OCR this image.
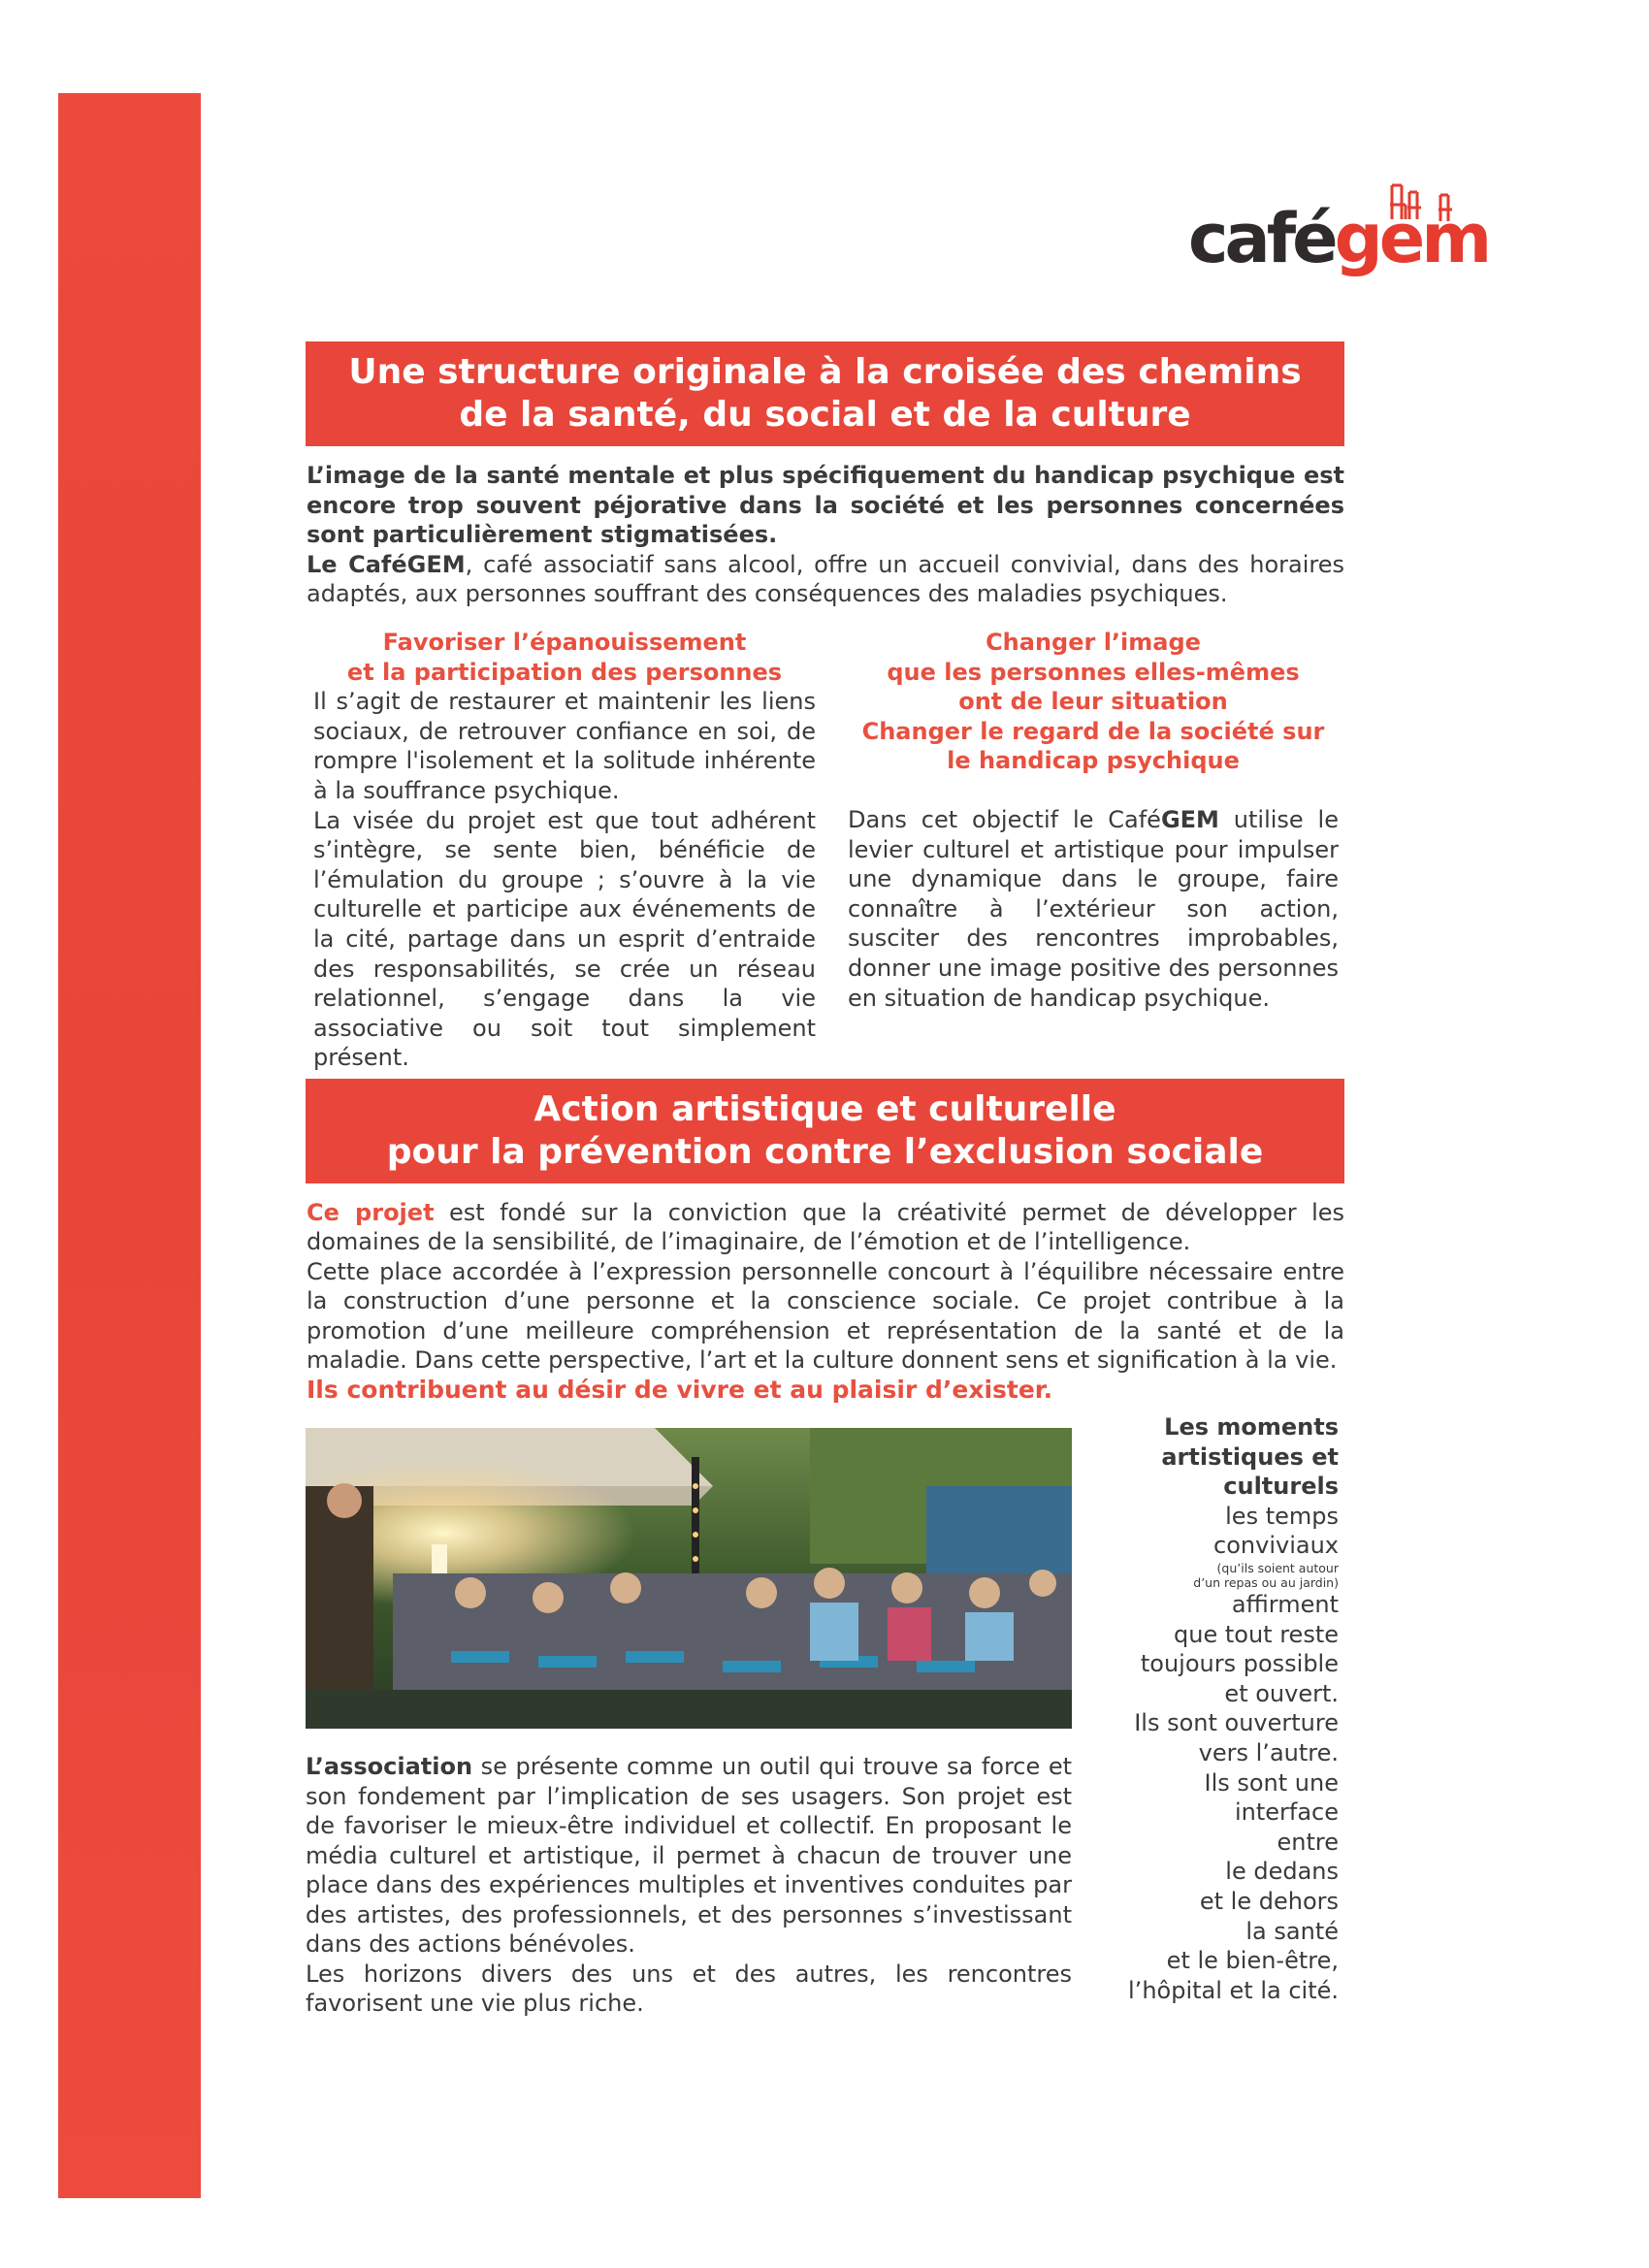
cafégem
Une structure originale à la croisée des chemins
de la santé, du social et de la culture

L’image de la santé mentale et plus spécifiquement du handicap psychique est encore trop souvent péjorative dans la société et les personnes concernées sont particulièrement stigmatisées.

Le CaféGEM, café associatif sans alcool, offre un accueil convivial, dans des horaires adaptés, aux personnes souffrant des conséquences des maladies psychiques.

Favoriser l’épanouissement
et la participation des personnes
Il s’agit de restaurer et maintenir les liens sociaux, de retrouver confiance en soi, de rompre l'isolement et la solitude inhérente à la souffrance psychique.
La visée du projet est que tout adhérent s’intègre, se sente bien, bénéficie de l’émulation du groupe ; s’ouvre à la vie culturelle et participe aux événements de la cité, partage dans un esprit d’entraide des responsabilités, se crée un réseau relationnel, s’engage dans la vie associative ou soit tout simplement présent.
Changer l’image
que les personnes elles-mêmes
ont de leur situation
Changer le regard de la société sur
le handicap psychique
Dans cet objectif le CaféGEM utilise le levier culturel et artistique pour impulser une dynamique dans le groupe, faire connaître à l’extérieur son action, susciter des rencontres improbables, donner une image positive des personnes en situation de handicap psychique.
Action artistique et culturelle
pour la prévention contre l’exclusion sociale
Ce projet est fondé sur la conviction que la créativité permet de développer les domaines de la sensibilité, de l’imaginaire, de l’émotion et de l’intelligence.
Cette place accordée à l’expression personnelle concourt à l’équilibre nécessaire entre la construction d’une personne et la conscience sociale. Ce projet contribue à la promotion d’une meilleure compréhension et représentation de la santé et de la maladie. Dans cette perspective, l’art et la culture donnent sens et signification à la vie.
Ils contribuent au désir de vivre et au plaisir d’exister.
L’association se présente comme un outil qui trouve sa force et son fondement par l’implication de ses usagers. Son projet est de favoriser le mieux-être individuel et collectif. En proposant le média culturel et artistique, il permet à chacun de trouver une place dans des expériences multiples et inventives conduites par des artistes, des professionnels, et des personnes s’investissant dans des actions bénévoles.
Les horizons divers des uns et des autres, les rencontres favorisent une vie plus riche.
Les moments
artistiques et
culturels
les temps
conviviaux
(qu’ils soient autour
d’un repas ou au jardin)
affirment
que tout reste
toujours possible
et ouvert.
Ils sont ouverture
vers l’autre.
Ils sont une
interface
entre
le dedans
et le dehors
la santé
et le bien-être,
l’hôpital et la cité.
